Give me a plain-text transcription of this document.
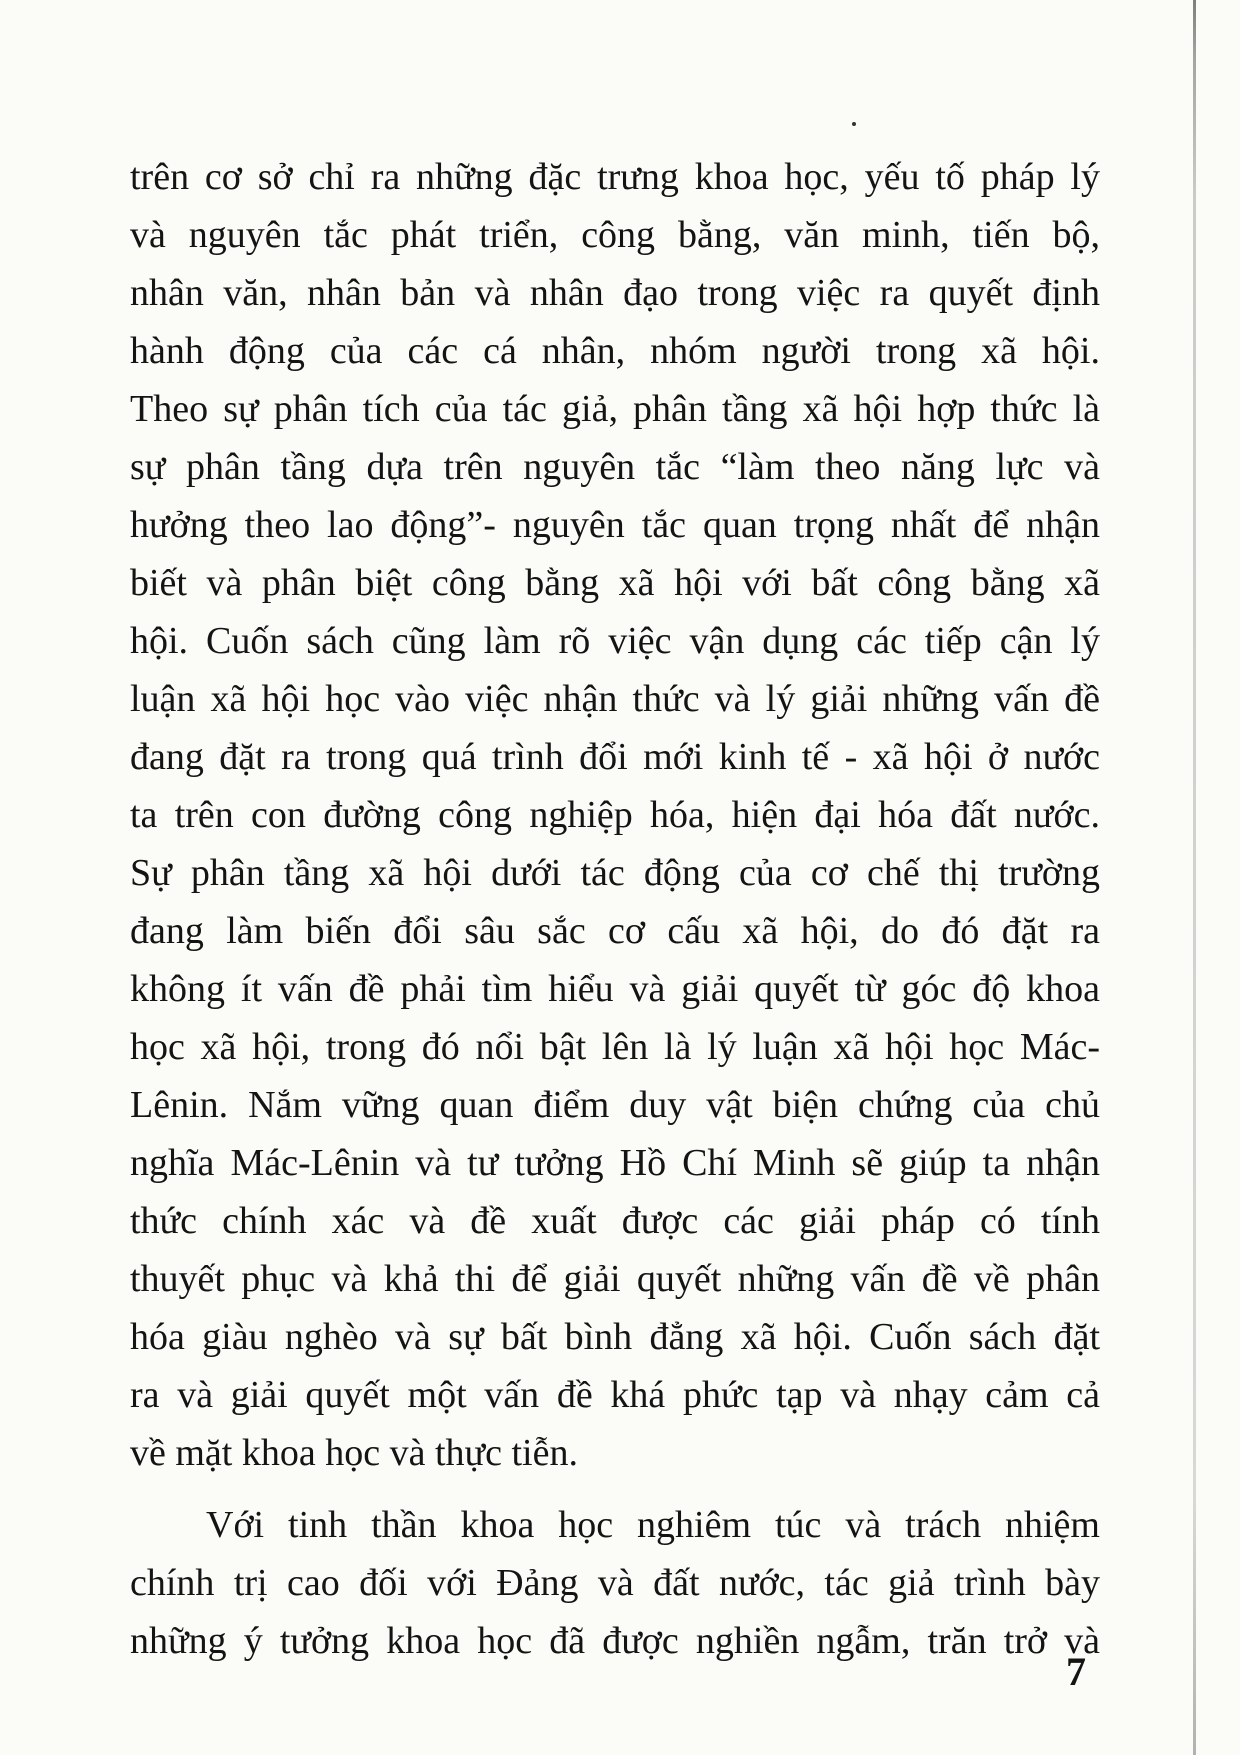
trên cơ sở chỉ ra những đặc trưng khoa học, yếu tố pháp lý
và nguyên tắc phát triển, công bằng, văn minh, tiến bộ,
nhân văn, nhân bản và nhân đạo trong việc ra quyết định
hành động của các cá nhân, nhóm người trong xã hội.
Theo sự phân tích của tác giả, phân tầng xã hội hợp thức là
sự phân tầng dựa trên nguyên tắc “làm theo năng lực và
hưởng theo lao động”- nguyên tắc quan trọng nhất để nhận
biết và phân biệt công bằng xã hội với bất công bằng xã
hội. Cuốn sách cũng làm rõ việc vận dụng các tiếp cận lý
luận xã hội học vào việc nhận thức và lý giải những vấn đề
đang đặt ra trong quá trình đổi mới kinh tế - xã hội ở nước
ta trên con đường công nghiệp hóa, hiện đại hóa đất nước.
Sự phân tầng xã hội dưới tác động của cơ chế thị trường
đang làm biến đổi sâu sắc cơ cấu xã hội, do đó đặt ra
không ít vấn đề phải tìm hiểu và giải quyết từ góc độ khoa
học xã hội, trong đó nổi bật lên là lý luận xã hội học Mác-
Lênin. Nắm vững quan điểm duy vật biện chứng của chủ
nghĩa Mác-Lênin và tư tưởng Hồ Chí Minh sẽ giúp ta nhận
thức chính xác và đề xuất được các giải pháp có tính
thuyết phục và khả thi để giải quyết những vấn đề về phân
hóa giàu nghèo và sự bất bình đẳng xã hội. Cuốn sách đặt
ra và giải quyết một vấn đề khá phức tạp và nhạy cảm cả
về mặt khoa học và thực tiễn.
Với tinh thần khoa học nghiêm túc và trách nhiệm
chính trị cao đối với Đảng và đất nước, tác giả trình bày
những ý tưởng khoa học đã được nghiền ngẫm, trăn trở và
7
